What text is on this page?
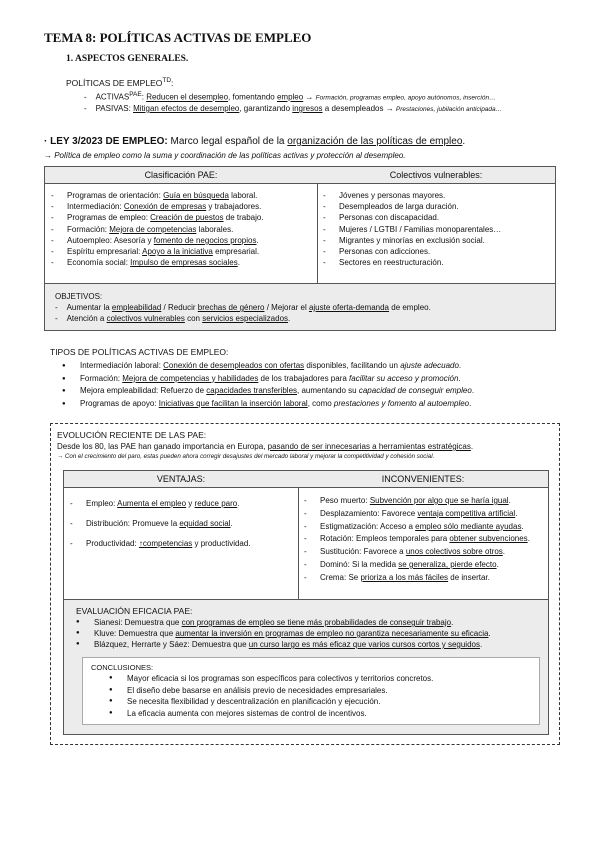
TEMA 8: POLÍTICAS ACTIVAS DE EMPLEO
1. ASPECTOS GENERALES.
POLÍTICAS DE $EMPLEO^{TD}$:
-    $ACTIVAS^{PAE}$: Reducen el desempleo, fomentando empleo → Formación, programas empleo, apoyo autónomos, inserción…
-    PASIVAS: Mitigan efectos de desempleo, garantizando ingresos a desempleados → Prestaciones, jubilación anticipada…
· LEY 3/2023 DE EMPLEO: Marco legal español de la organización de las políticas de empleo.
→ Política de empleo como la suma y coordinación de las políticas activas y protección al desempleo.
Clasificación PAE:
- Programas de orientación: Guía en búsqueda laboral.
- Intermediación: Conexión de empresas y trabajadores.
- Programas de empleo: Creación de puestos de trabajo.
- Formación: Mejora de competencias laborales.
- Autoempleo: Asesoría y fomento de negocios propios.
- Espíritu empresarial: Apoyo a la iniciativa empresarial.
- Economía social: Impulso de empresas sociales.
Colectivos vulnerables:
- Jóvenes y personas mayores.
- Desempleados de larga duración.
- Personas con discapacidad.
- Mujeres / LGTBI / Familias monoparentales…
- Migrantes y minorías en exclusión social.
- Personas con adicciones.
- Sectores en reestructuración.
OBJETIVOS:
-    Aumentar la empleabilidad / Reducir brechas de género / Mejorar el ajuste oferta-demanda de empleo.
-    Atención a colectivos vulnerables con servicios especializados.
TIPOS DE POLÍTICAS ACTIVAS DE EMPLEO:
● Intermediación laboral: Conexión de desempleados con ofertas disponibles, facilitando un ajuste adecuado.
● Formación: Mejora de competencias y habilidades de los trabajadores para facilitar su acceso y promoción.
● Mejora empleabilidad: Refuerzo de capacidades transferibles, aumentando su capacidad de conseguir empleo.
● Programas de apoyo: Iniciativas que facilitan la inserción laboral, como prestaciones y fomento al autoempleo.
EVOLUCIÓN RECIENTE DE LAS PAE:
Desde los 80, las PAE han ganado importancia en Europa, pasando de ser innecesarias a herramientas estratégicas.
→ Con el crecimiento del paro, estas pueden ahora corregir desajustes del mercado laboral y mejorar la competitividad y cohesión social.
VENTAJAS:
- Empleo: Aumenta el empleo y reduce paro.
- Distribución: Promueve la equidad social.
- Productividad: ↑competencias y productividad.
INCONVENIENTES:
- Peso muerto: Subvención por algo que se haría igual.
- Desplazamiento: Favorece ventaja competitiva artificial.
- Estigmatización: Acceso a empleo sólo mediante ayudas.
- Rotación: Empleos temporales para obtener subvenciones.
- Sustitución: Favorece a unos colectivos sobre otros.
- Dominó: Si la medida se generaliza, pierde efecto.
- Crema: Se prioriza a los más fáciles de insertar.
EVALUACIÓN EFICACIA PAE:
● Sianesi: Demuestra que con programas de empleo se tiene más probabilidades de conseguir trabajo.
● Kluve: Demuestra que aumentar la inversión en programas de empleo no garantiza necesariamente su eficacia.
● Blázquez, Herrarte y Sáez: Demuestra que un curso largo es más eficaz que varios cursos cortos y seguidos.
CONCLUSIONES:
● Mayor eficacia si los programas son específicos para colectivos y territorios concretos.
● El diseño debe basarse en análisis previo de necesidades empresariales.
● Se necesita flexibilidad y descentralización en planificación y ejecución.
● La eficacia aumenta con mejores sistemas de control de incentivos.
